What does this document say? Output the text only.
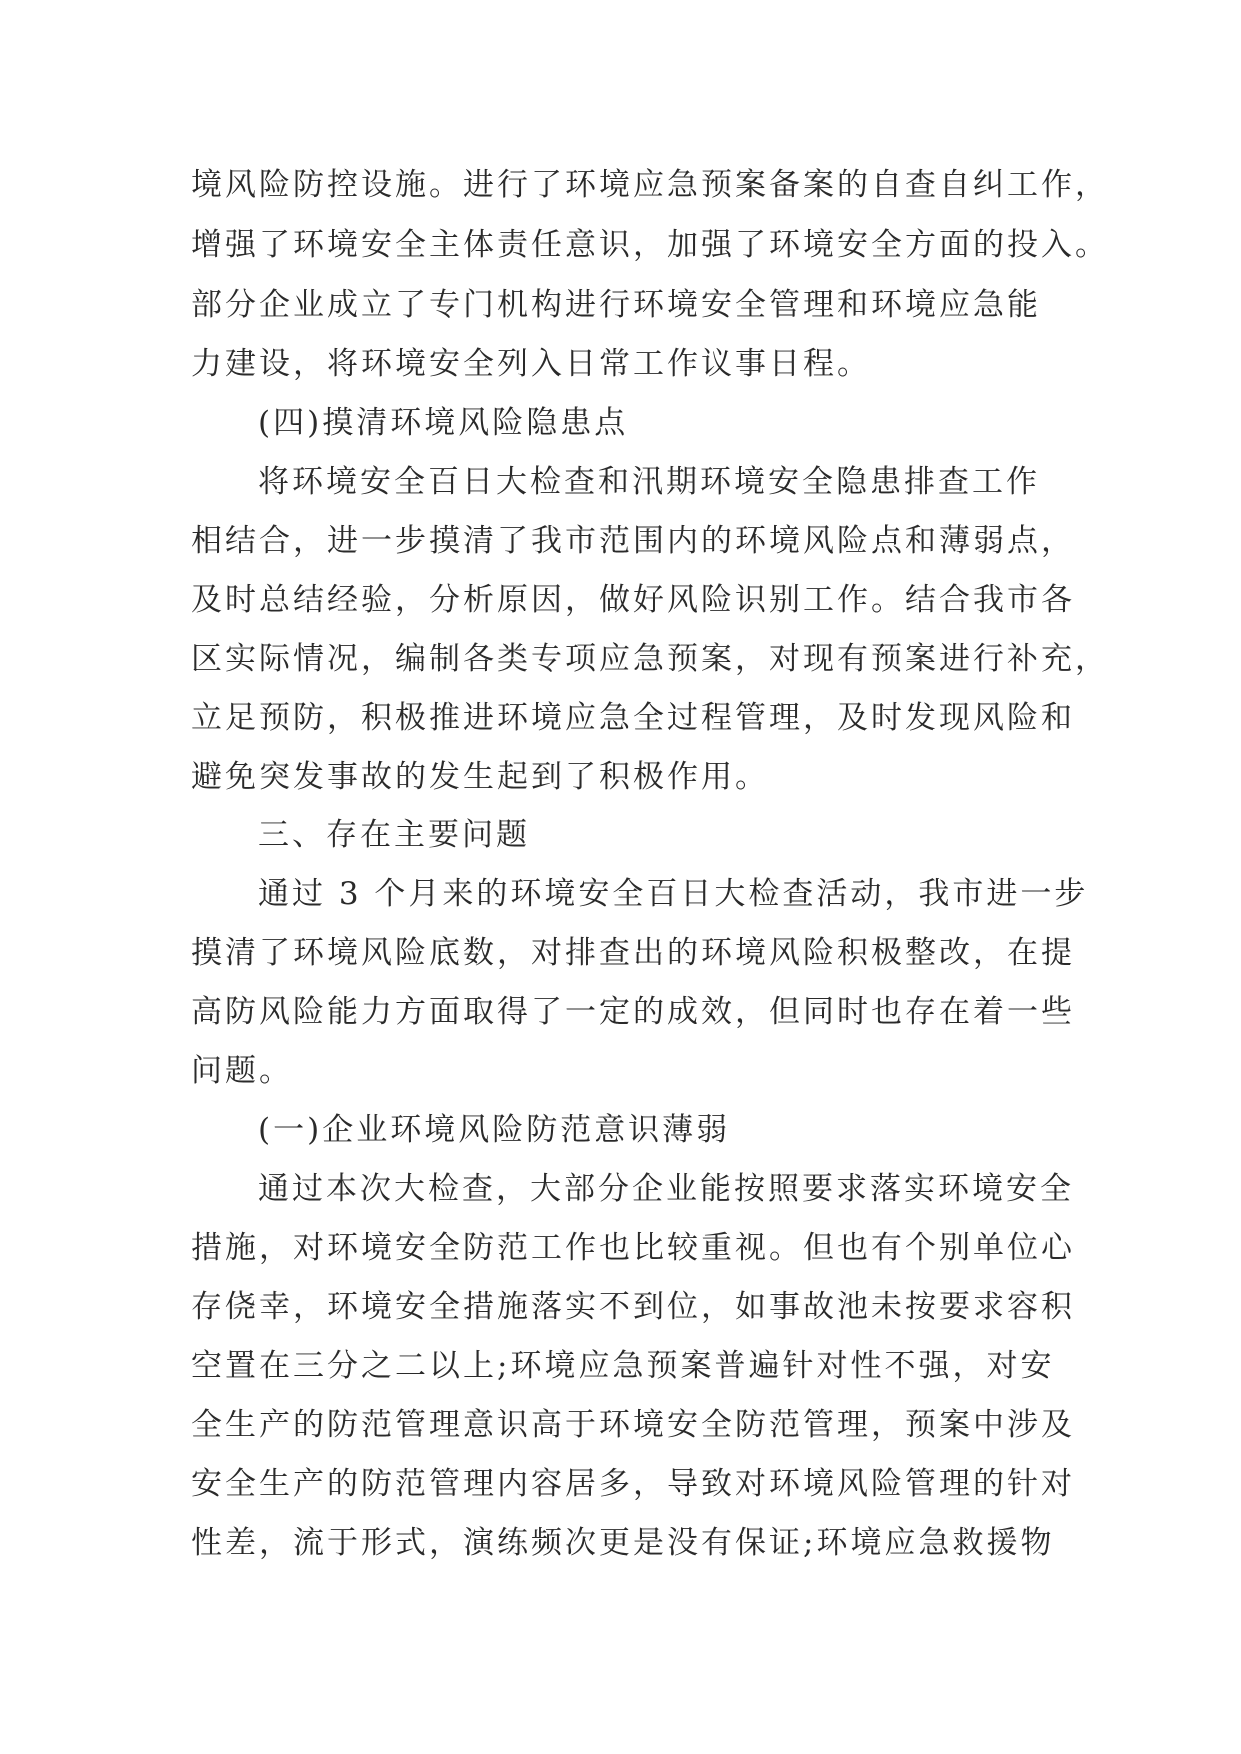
境风险防控设施。进行了环境应急预案备案的自查自纠工作，
增强了环境安全主体责任意识，加强了环境安全方面的投入。
部分企业成立了专门机构进行环境安全管理和环境应急能
力建设，将环境安全列入日常工作议事日程。
(四)摸清环境风险隐患点
将环境安全百日大检查和汛期环境安全隐患排查工作
相结合，进一步摸清了我市范围内的环境风险点和薄弱点，
及时总结经验，分析原因，做好风险识别工作。结合我市各
区实际情况，编制各类专项应急预案，对现有预案进行补充，
立足预防，积极推进环境应急全过程管理，及时发现风险和
避免突发事故的发生起到了积极作用。
三、存在主要问题
通过 3 个月来的环境安全百日大检查活动，我市进一步
摸清了环境风险底数，对排查出的环境风险积极整改，在提
高防风险能力方面取得了一定的成效，但同时也存在着一些
问题。
(一)企业环境风险防范意识薄弱
通过本次大检查，大部分企业能按照要求落实环境安全
措施，对环境安全防范工作也比较重视。但也有个别单位心
存侥幸，环境安全措施落实不到位，如事故池未按要求容积
空置在三分之二以上;环境应急预案普遍针对性不强，对安
全生产的防范管理意识高于环境安全防范管理，预案中涉及
安全生产的防范管理内容居多，导致对环境风险管理的针对
性差，流于形式，演练频次更是没有保证;环境应急救援物
